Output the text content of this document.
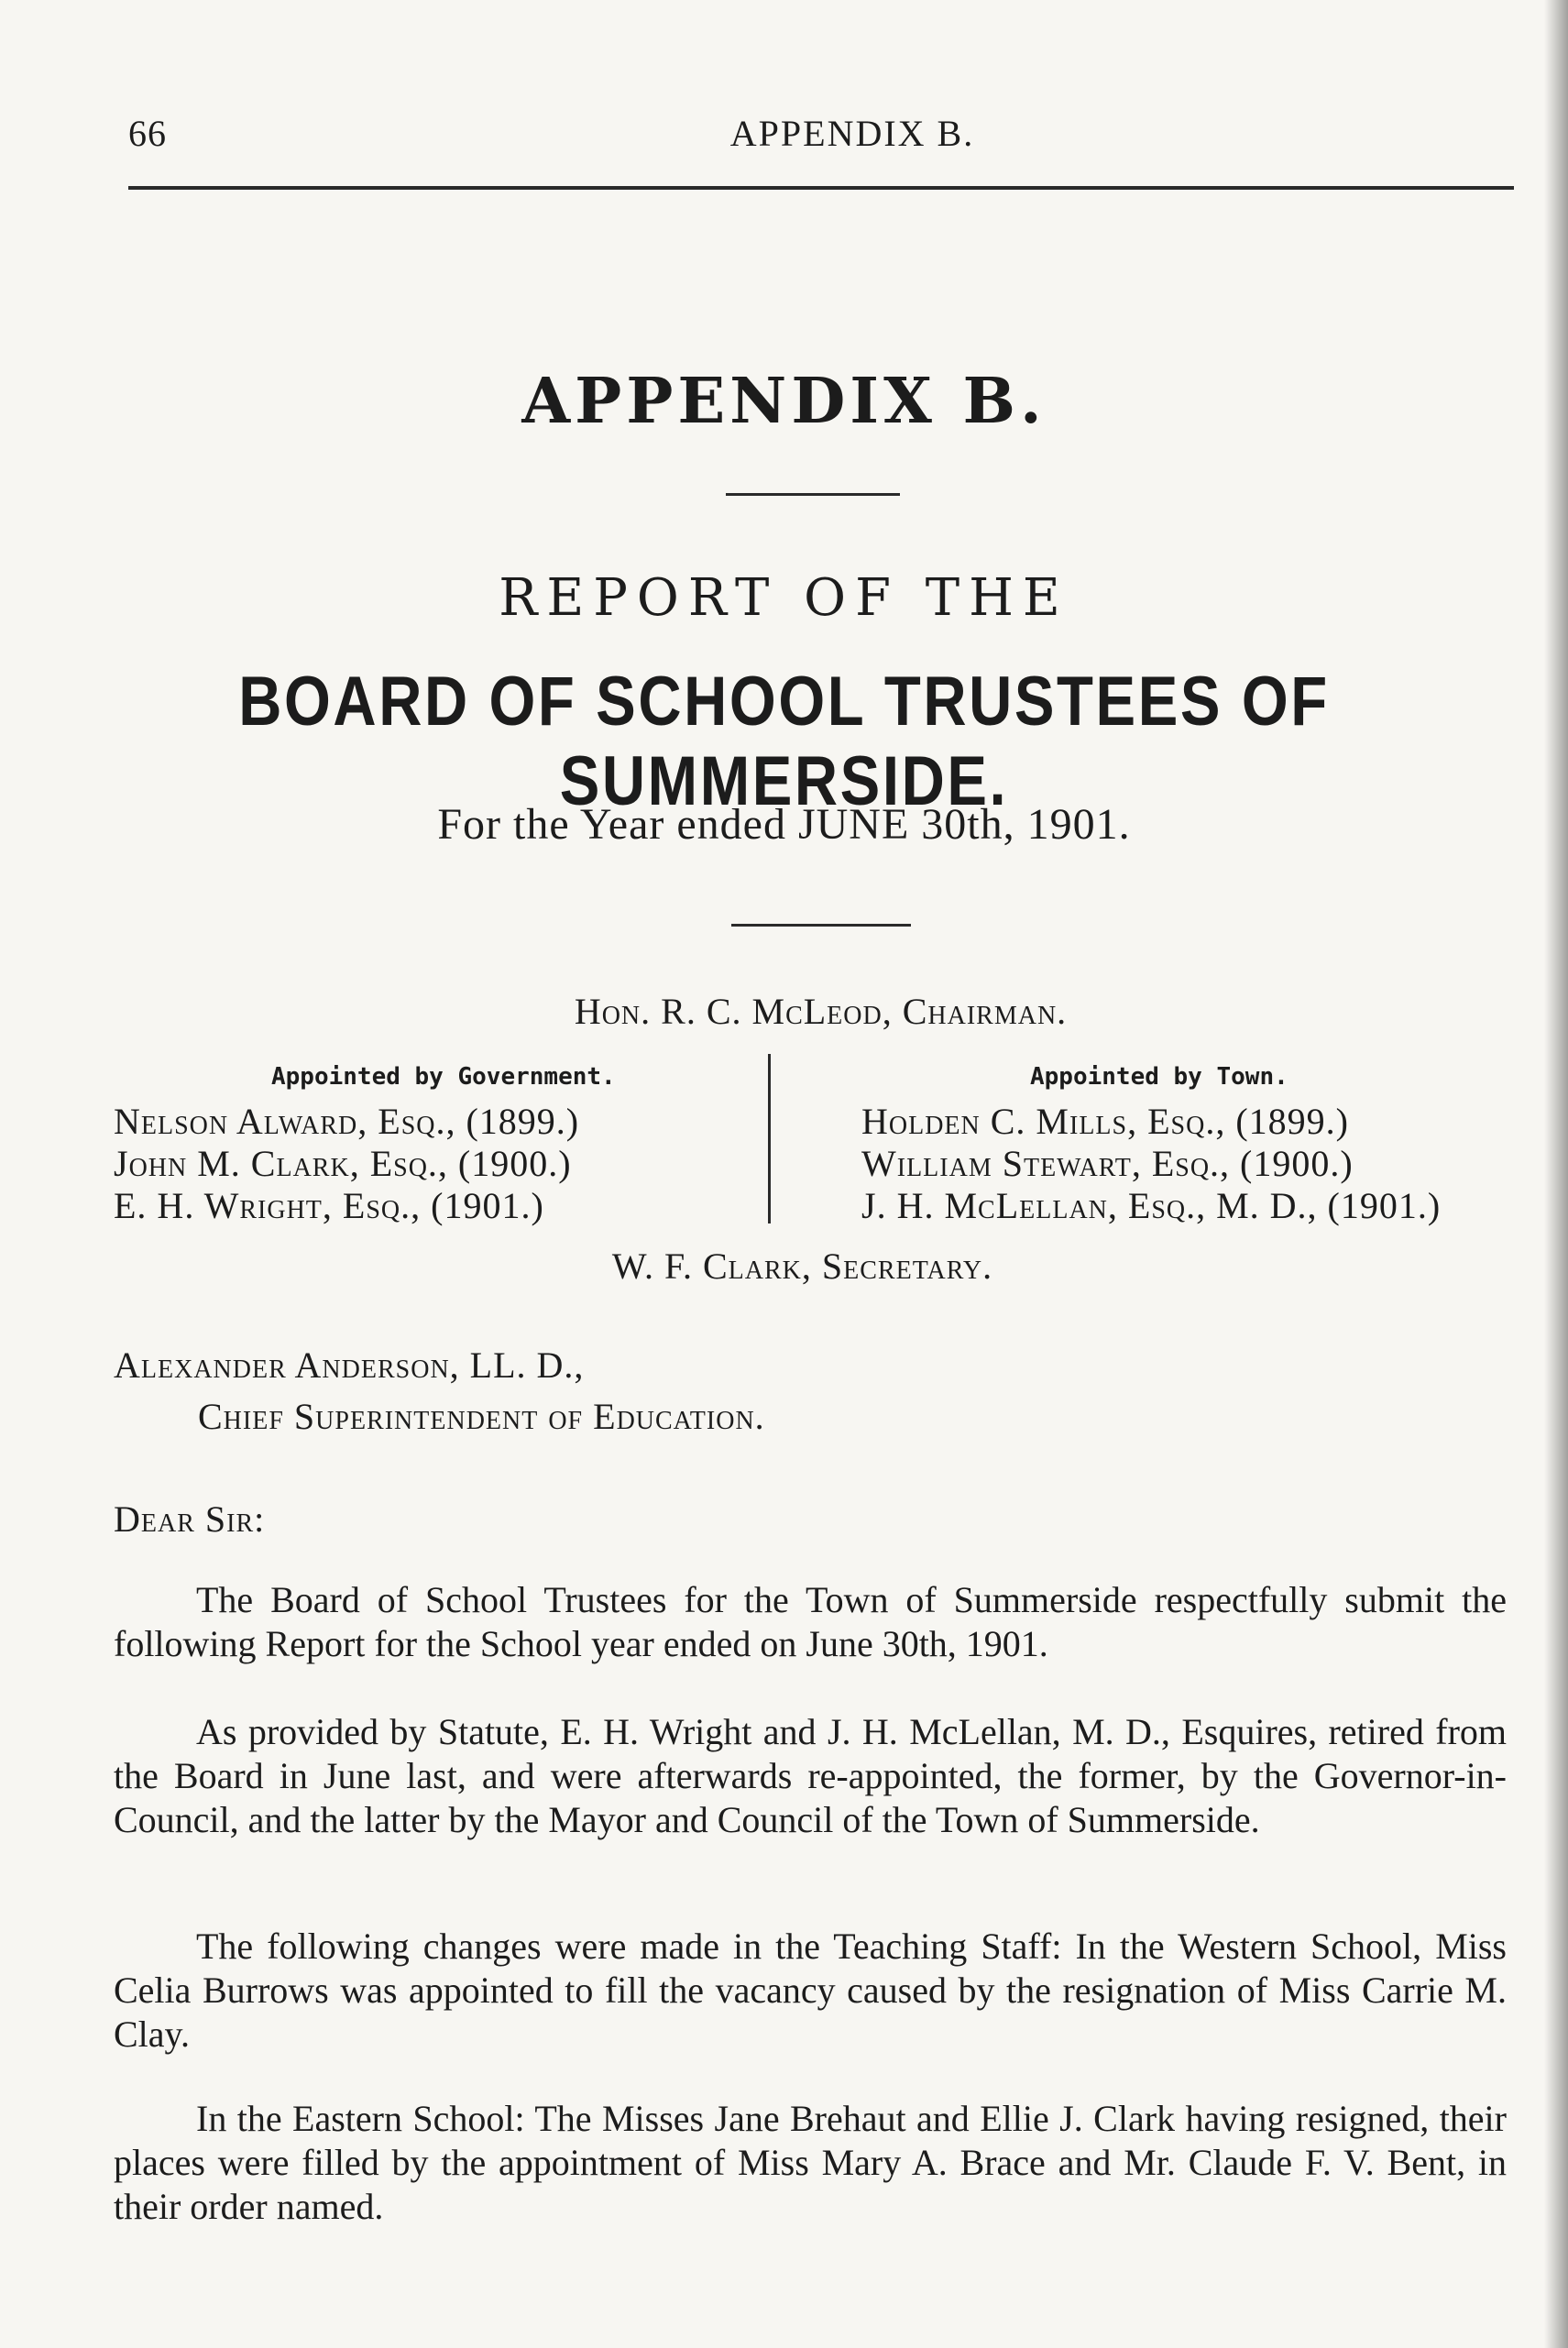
66	APPENDIX B.
APPENDIX B.
REPORT OF THE
BOARD OF SCHOOL TRUSTEES OF SUMMERSIDE.
For the Year ended JUNE 30th, 1901.
Hon. R. C. McLeod, Chairman.
Appointed by Government.	Appointed by Town.
Nelson Alward, Esq., (1899.)
John M. Clark, Esq., (1900.)
E. H. Wright, Esq., (1901.)
Holden C. Mills, Esq., (1899.)
William Stewart, Esq., (1900.)
J. H. McLellan, Esq., M. D., (1901.)
W. F. Clark, Secretary.
Alexander Anderson, LL. D.,
Chief Superintendent of Education.
Dear Sir:
The Board of School Trustees for the Town of Summerside respectfully submit the following Report for the School year ended on June 30th, 1901.
As provided by Statute, E. H. Wright and J. H. McLellan, M. D., Esquires, retired from the Board in June last, and were afterwards re-appointed, the former, by the Governor-in-Council, and the latter by the Mayor and Council of the Town of Summerside.
The following changes were made in the Teaching Staff: In the Western School, Miss Celia Burrows was appointed to fill the vacancy caused by the resignation of Miss Carrie M. Clay.
In the Eastern School: The Misses Jane Brehaut and Ellie J. Clark having resigned, their places were filled by the appointment of Miss Mary A. Brace and Mr. Claude F. V. Bent, in their order named.
